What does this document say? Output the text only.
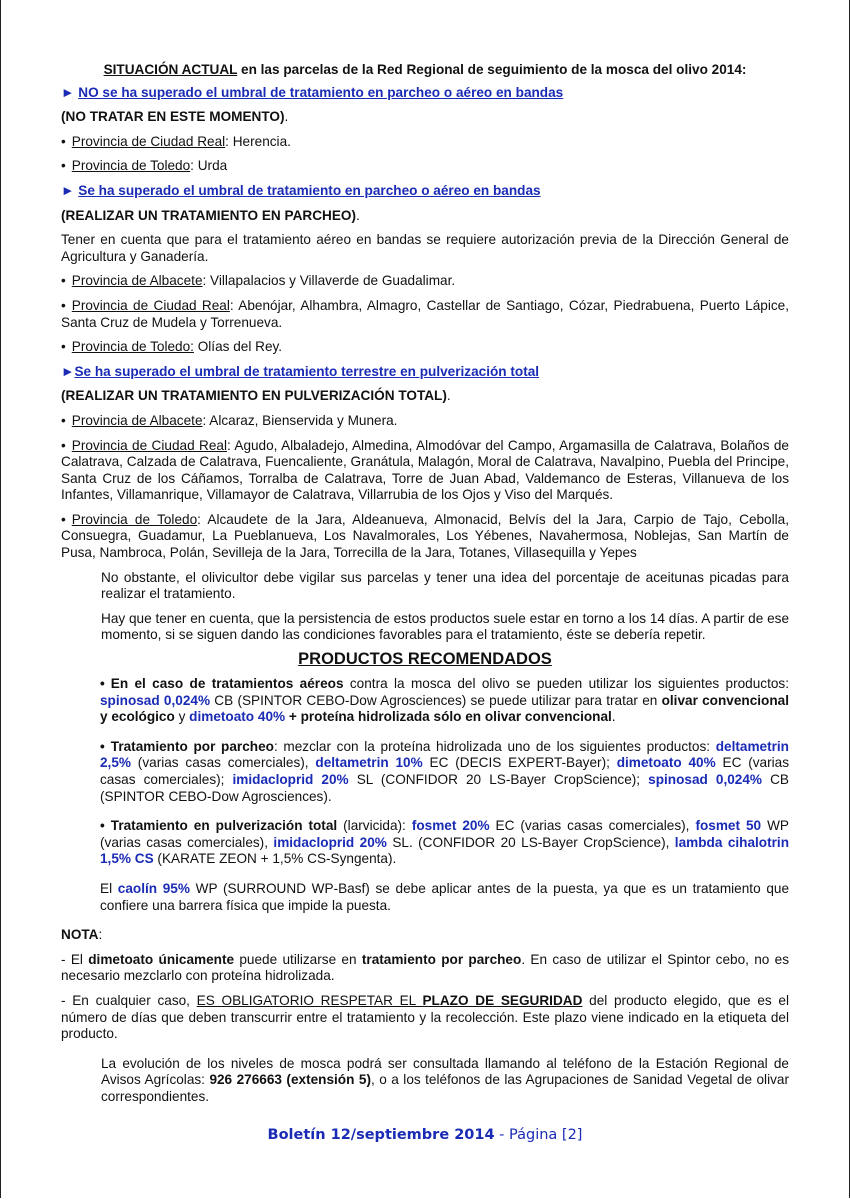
SITUACIÓN ACTUAL en las parcelas de la Red Regional de seguimiento de la mosca del olivo 2014:

► NO se ha superado el umbral de tratamiento en parcheo o aéreo en bandas

(NO TRATAR EN ESTE MOMENTO).

• Provincia de Ciudad Real: Herencia.

• Provincia de Toledo: Urda

► Se ha superado el umbral de tratamiento en parcheo o aéreo en bandas

(REALIZAR UN TRATAMIENTO EN PARCHEO).

Tener en cuenta que para el tratamiento aéreo en bandas se requiere autorización previa de la Dirección General de Agricultura y Ganadería.

• Provincia de Albacete: Villapalacios y Villaverde de Guadalimar.

• Provincia de Ciudad Real: Abenójar, Alhambra, Almagro, Castellar de Santiago, Cózar, Piedrabuena, Puerto Lápice, Santa Cruz de Mudela y Torrenueva.

• Provincia de Toledo: Olías del Rey.

►Se ha superado el umbral de tratamiento terrestre en pulverización total

(REALIZAR UN TRATAMIENTO EN PULVERIZACIÓN TOTAL).

• Provincia de Albacete: Alcaraz, Bienservida y Munera.

• Provincia de Ciudad Real: Agudo, Albaladejo, Almedina, Almodóvar del Campo, Argamasilla de Calatrava, Bolaños de Calatrava, Calzada de Calatrava, Fuencaliente, Granátula, Malagón, Moral de Calatrava, Navalpino, Puebla del Principe, Santa Cruz de los Cáñamos, Torralba de Calatrava, Torre de Juan Abad, Valdemanco de Esteras, Villanueva de los Infantes, Villamanrique, Villamayor de Calatrava, Villarrubia de los Ojos y Viso del Marqués.

• Provincia de Toledo: Alcaudete de la Jara, Aldeanueva, Almonacid, Belvís del la Jara, Carpio de Tajo, Cebolla, Consuegra, Guadamur, La Pueblanueva, Los Navalmorales, Los Yébenes, Navahermosa, Noblejas, San Martín de Pusa, Nambroca, Polán, Sevilleja de la Jara, Torrecilla de la Jara, Totanes, Villasequilla y Yepes

No obstante, el olivicultor debe vigilar sus parcelas y tener una idea del porcentaje de aceitunas picadas para realizar el tratamiento.

Hay que tener en cuenta, que la persistencia de estos productos suele estar en torno a los 14 días. A partir de ese momento, si se siguen dando las condiciones favorables para el tratamiento, éste se debería repetir.

PRODUCTOS RECOMENDADOS

• En el caso de tratamientos aéreos contra la mosca del olivo se pueden utilizar los siguientes productos: spinosad 0,024% CB (SPINTOR CEBO-Dow Agrosciences) se puede utilizar para tratar en olivar convencional y ecológico y dimetoato 40% + proteína hidrolizada sólo en olivar convencional.

• Tratamiento por parcheo: mezclar con la proteína hidrolizada uno de los siguientes productos: deltametrin 2,5% (varias casas comerciales), deltametrin 10% EC (DECIS EXPERT-Bayer); dimetoato 40% EC (varias casas comerciales); imidacloprid 20% SL (CONFIDOR 20 LS-Bayer CropScience); spinosad 0,024% CB (SPINTOR CEBO-Dow Agrosciences).

• Tratamiento en pulverización total (larvicida): fosmet 20% EC (varias casas comerciales), fosmet 50 WP (varias casas comerciales), imidacloprid 20% SL. (CONFIDOR 20 LS-Bayer CropScience), lambda cihalotrin 1,5% CS (KARATE ZEON + 1,5% CS-Syngenta).

El caolín 95% WP (SURROUND WP-Basf) se debe aplicar antes de la puesta, ya que es un tratamiento que confiere una barrera física que impide la puesta.

NOTA:

- El dimetoato únicamente puede utilizarse en tratamiento por parcheo. En caso de utilizar el Spintor cebo, no es necesario mezclarlo con proteína hidrolizada.

- En cualquier caso, ES OBLIGATORIO RESPETAR EL PLAZO DE SEGURIDAD del producto elegido, que es el número de días que deben transcurrir entre el tratamiento y la recolección. Este plazo viene indicado en la etiqueta del producto.

La evolución de los niveles de mosca podrá ser consultada llamando al teléfono de la Estación Regional de Avisos Agrícolas: 926 276663 (extensión 5), o a los teléfonos de las Agrupaciones de Sanidad Vegetal de olivar correspondientes.

Boletín 12/septiembre 2014 - Página [2]
